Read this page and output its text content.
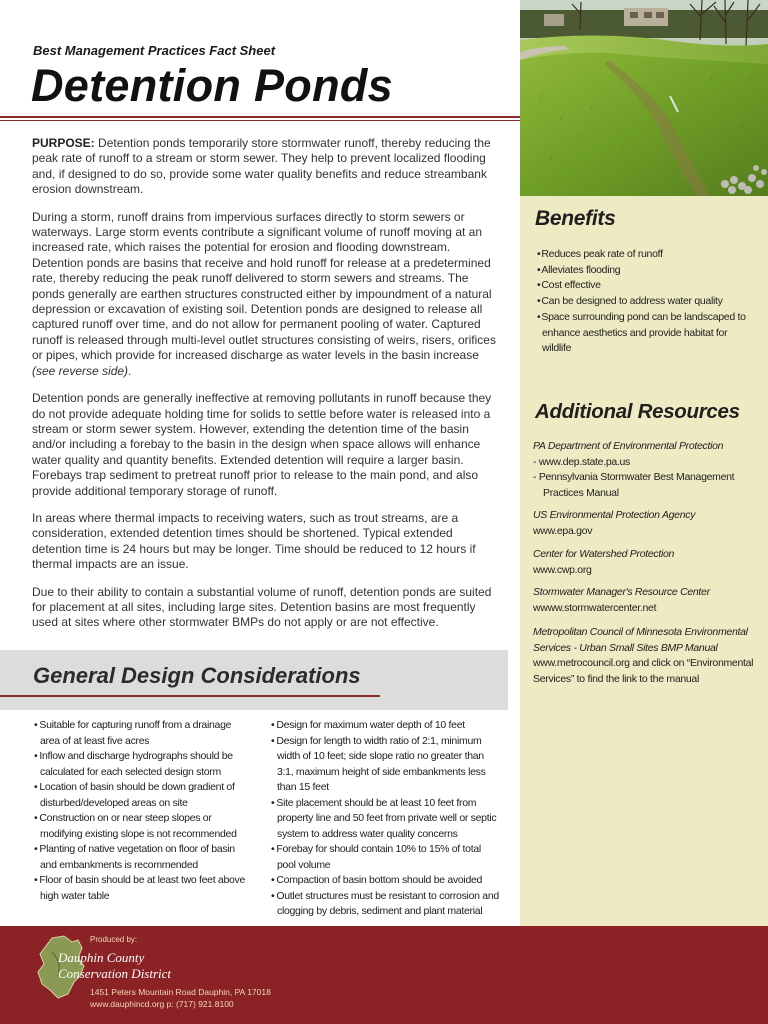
Best Management Practices Fact Sheet
Detention Ponds

PURPOSE: Detention ponds temporarily store stormwater runoff, thereby reducing the peak rate of runoff to a stream or storm sewer. They help to prevent localized flooding and, if designed to do so, provide some water quality benefits and reduce streambank erosion downstream.

During a storm, runoff drains from impervious surfaces directly to storm sewers or waterways. Large storm events contribute a significant volume of runoff moving at an increased rate, which raises the potential for erosion and flooding downstream. Detention ponds are basins that receive and hold runoff for release at a predetermined rate, thereby reducing the peak runoff delivered to storm sewers and streams. The ponds generally are earthen structures constructed either by impoundment of a natural depression or excavation of existing soil. Detention ponds are designed to release all captured runoff over time, and do not allow for permanent pooling of water. Captured runoff is released through multi-level outlet structures consisting of weirs, risers, orifices or pipes, which provide for increased discharge as water levels in the basin increase (see reverse side).

Detention ponds are generally ineffective at removing pollutants in runoff because they do not provide adequate holding time for solids to settle before water is released into a stream or storm sewer system. However, extending the detention time of the basin and/or including a forebay to the basin in the design when space allows will enhance water quality and quantity benefits. Extended detention will require a larger basin. Forebays trap sediment to pretreat runoff prior to release to the main pond, and also provide additional temporary storage of runoff.

In areas where thermal impacts to receiving waters, such as trout streams, are a consideration, extended detention times should be shortened. Typical extended detention time is 24 hours but may be longer. Time should be reduced to 12 hours if thermal impacts are an issue.

Due to their ability to contain a substantial volume of runoff, detention ponds are suited for placement at all sites, including large sites. Detention basins are most frequently used at sites where other stormwater BMPs do not apply or are not effective.

General Design Considerations
• Suitable for capturing runoff from a drainage area of at least five acres
• Inflow and discharge hydrographs should be calculated for each selected design storm
• Location of basin should be down gradient of disturbed/developed areas on site
• Construction on or near steep slopes or modifying existing slope is not recommended
• Planting of native vegetation on floor of basin and embankments is recommended
• Floor of basin should be at least two feet above high water table
• Design for maximum water depth of 10 feet
• Design for length to width ratio of 2:1, minimum width of 10 feet; side slope ratio no greater than 3:1, maximum height of side embankments less than 15 feet
• Site placement should be at least 10 feet from property line and 50 feet from private well or septic system to address water quality concerns
• Forebay for should contain 10% to 15% of total pool volume
• Compaction of basin bottom should be avoided
• Outlet structures must be resistant to corrosion and clogging by debris, sediment and plant material
Benefits
• Reduces peak rate of runoff
• Alleviates flooding
• Cost effective
• Can be designed to address water quality
• Space surrounding pond can be landscaped to enhance aesthetics and provide habitat for wildlife
Additional Resources
PA Department of Environmental Protection
- www.dep.state.pa.us
- Pennsylvania Stormwater Best Management
Practices Manual
US Environmental Protection Agency
www.epa.gov
Center for Watershed Protection
www.cwp.org
Stormwater Manager's Resource Center
wwww.stormwatercenter.net
Metropolitan Council of Minnesota Environmental
Services - Urban Small Sites BMP Manual
www.metrocouncil.org and click on “Environmental Services” to find the link to the manual
Produced by:
Dauphin County
Conservation District
1451 Peters Mountain Road Dauphin, PA 17018
www.dauphincd.org p: (717) 921.8100
